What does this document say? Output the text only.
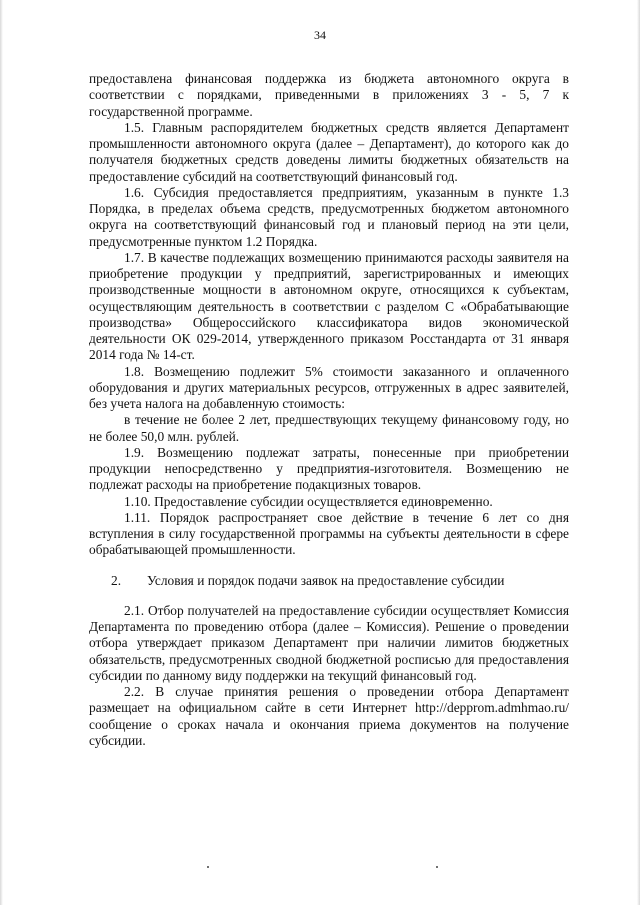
34

предоставлена финансовая поддержка из бюджета автономного округа в соответствии с порядками, приведенными в приложениях 3 - 5, 7 к государственной программе.

1.5. Главным распорядителем бюджетных средств является Департамент промышленности автономного округа (далее – Департамент), до которого как до получателя бюджетных средств доведены лимиты бюджетных обязательств на предоставление субсидий на соответствующий финансовый год.

1.6. Субсидия предоставляется предприятиям, указанным в пункте 1.3 Порядка, в пределах объема средств, предусмотренных бюджетом автономного округа на соответствующий финансовый год и плановый период на эти цели, предусмотренные пунктом 1.2 Порядка.

1.7. В качестве подлежащих возмещению принимаются расходы заявителя на приобретение продукции у предприятий, зарегистрированных и имеющих производственные мощности в автономном округе, относящихся к субъектам, осуществляющим деятельность в соответствии с разделом С «Обрабатывающие производства» Общероссийского классификатора видов экономической деятельности ОК 029-2014, утвержденного приказом Росстандарта от 31 января 2014 года № 14-ст.

1.8. Возмещению подлежит 5% стоимости заказанного и оплаченного оборудования и других материальных ресурсов, отгруженных в адрес заявителей, без учета налога на добавленную стоимость:

в течение не более 2 лет, предшествующих текущему финансовому году, но не более 50,0 млн. рублей.

1.9. Возмещению подлежат затраты, понесенные при приобретении продукции непосредственно у предприятия-изготовителя. Возмещению не подлежат расходы на приобретение подакцизных товаров.

1.10. Предоставление субсидии осуществляется единовременно.

1.11. Порядок распространяет свое действие в течение 6 лет со дня вступления в силу государственной программы на субъекты деятельности в сфере обрабатывающей промышленности.

2.	Условия и порядок подачи заявок на предоставление субсидии

2.1. Отбор получателей на предоставление субсидии осуществляет Комиссия Департамента по проведению отбора (далее – Комиссия). Решение о проведении отбора утверждает приказом Департамент при наличии лимитов бюджетных обязательств, предусмотренных сводной бюджетной росписью для предоставления субсидии по данному виду поддержки на текущий финансовый год.

2.2. В случае принятия решения о проведении отбора Департамент размещает на официальном сайте в сети Интернет http://depprom.admhmao.ru/ сообщение о сроках начала и окончания приема документов на получение субсидии.
